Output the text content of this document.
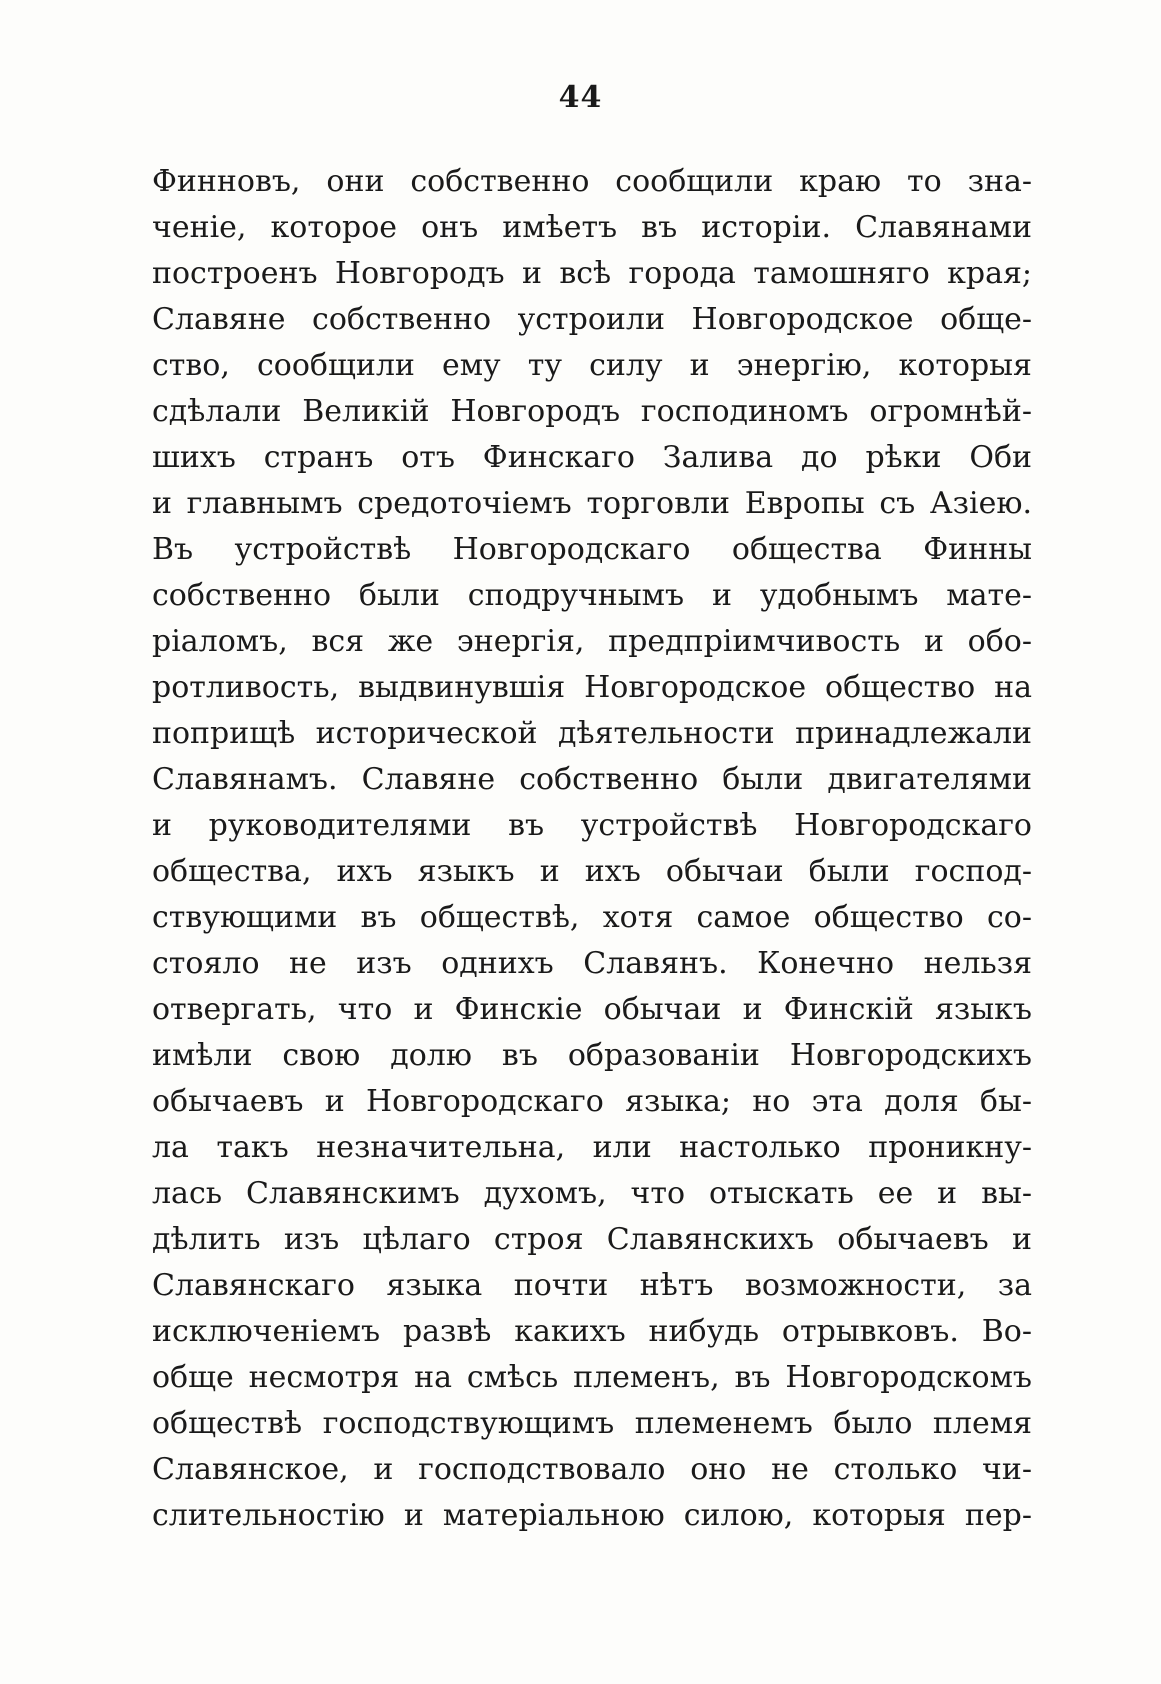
44
Финновъ, они собственно сообщили краю то зна-
ченіе, которое онъ имѣетъ въ исторіи. Славянами
построенъ Новгородъ и всѣ города тамошняго края;
Славяне собственно устроили Новгородское обще-
ство, сообщили ему ту силу и энергію, которыя
сдѣлали Великій Новгородъ господиномъ огромнѣй-
шихъ странъ отъ Финскаго Залива до рѣки Оби
и главнымъ средоточіемъ торговли Европы съ Азіею.
Въ устройствѣ Новгородскаго общества Финны
собственно были сподручнымъ и удобнымъ мате-
ріаломъ, вся же энергія, предпріимчивость и обо-
ротливость, выдвинувшія Новгородское общество на
поприщѣ исторической дѣятельности принадлежали
Славянамъ. Славяне собственно были двигателями
и руководителями въ устройствѣ Новгородскаго
общества, ихъ языкъ и ихъ обычаи были господ-
ствующими въ обществѣ, хотя самое общество со-
стояло не изъ однихъ Славянъ. Конечно нельзя
отвергать, что и Финскіе обычаи и Финскій языкъ
имѣли свою долю въ образованіи Новгородскихъ
обычаевъ и Новгородскаго языка; но эта доля бы-
ла такъ незначительна, или настолько проникну-
лась Славянскимъ духомъ, что отыскать ее и вы-
дѣлить изъ цѣлаго строя Славянскихъ обычаевъ и
Славянскаго языка почти нѣтъ возможности, за
исключеніемъ развѣ какихъ нибудь отрывковъ. Во-
обще несмотря на смѣсь племенъ, въ Новгородскомъ
обществѣ господствующимъ племенемъ было племя
Славянское, и господствовало оно не столько чи-
слительностію и матеріальною силою, которыя пер-
